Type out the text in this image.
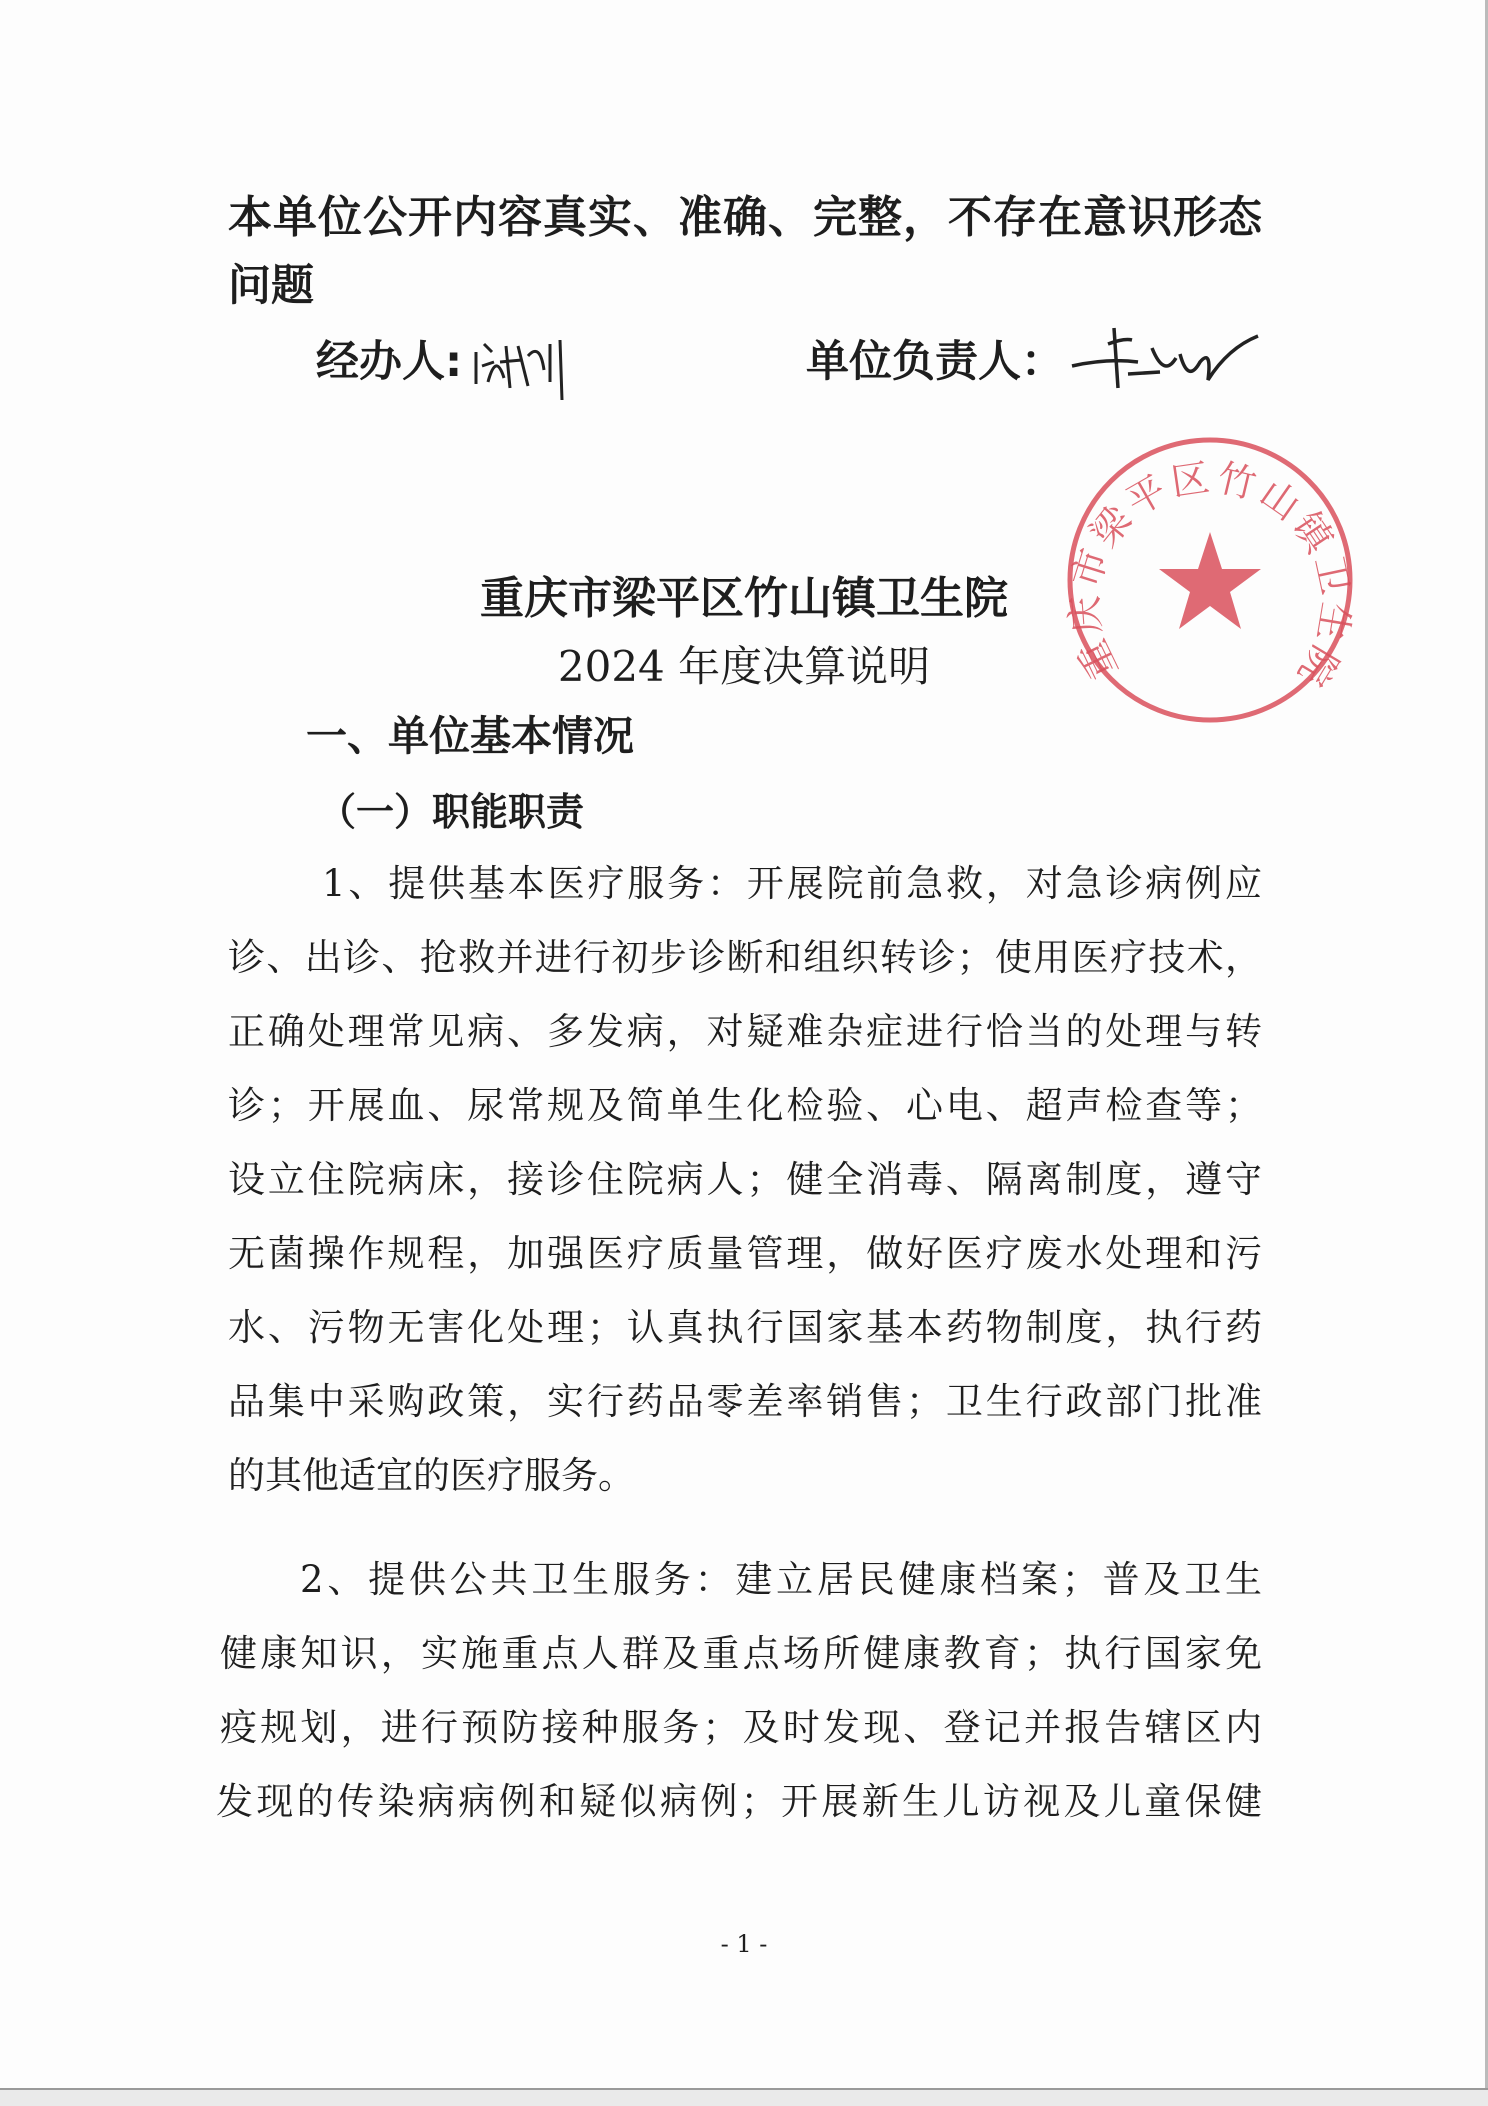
本单位公开内容真实、准确、完整，不存在意识形态
问题
经办人:	单位负责人：
重庆市梁平区竹山镇卫生院
重庆市梁平区竹山镇卫生院
2024 年度决算说明
一、单位基本情况
（一）职能职责
1、提供基本医疗服务：开展院前急救，对急诊病例应
诊、出诊、抢救并进行初步诊断和组织转诊；使用医疗技术，
正确处理常见病、多发病，对疑难杂症进行恰当的处理与转
诊；开展血、尿常规及简单生化检验、心电、超声检查等；
设立住院病床，接诊住院病人；健全消毒、隔离制度，遵守
无菌操作规程，加强医疗质量管理，做好医疗废水处理和污
水、污物无害化处理；认真执行国家基本药物制度，执行药
品集中采购政策，实行药品零差率销售；卫生行政部门批准
的其他适宜的医疗服务。
2、提供公共卫生服务：建立居民健康档案；普及卫生
健康知识，实施重点人群及重点场所健康教育；执行国家免
疫规划，进行预防接种服务；及时发现、登记并报告辖区内
发现的传染病病例和疑似病例；开展新生儿访视及儿童保健
- 1 -
